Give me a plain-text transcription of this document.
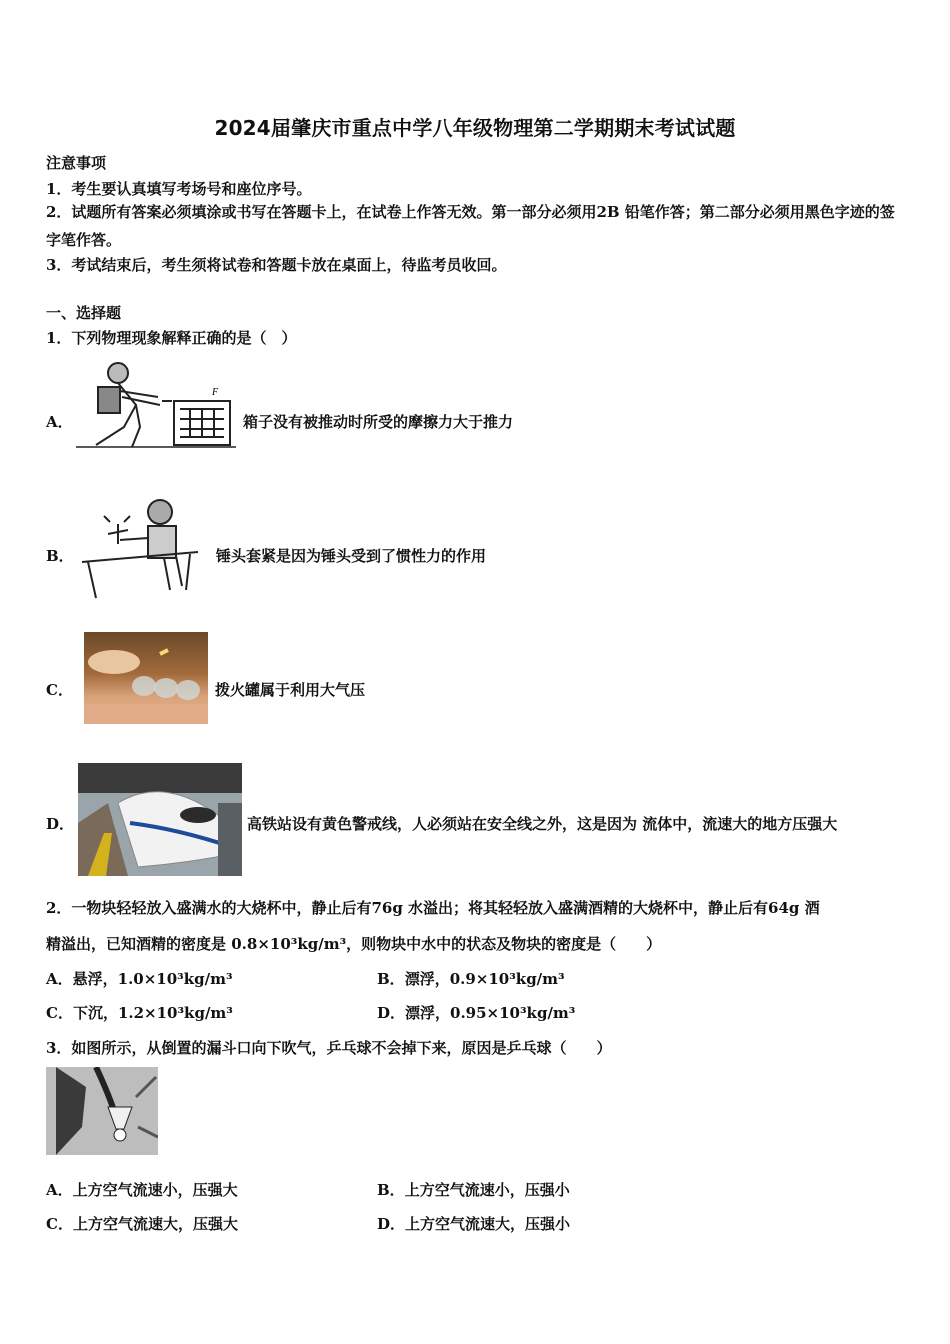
2024届肇庆市重点中学八年级物理第二学期期末考试试题
注意事项
1．考生要认真填写考场号和座位序号。
2．试题所有答案必须填涂或书写在答题卡上，在试卷上作答无效。第一部分必须用2B 铅笔作答；第二部分必须用黑色字迹的签字笔作答。
3．考试结束后，考生须将试卷和答题卡放在桌面上，待监考员收回。
一、选择题
1．下列物理现象解释正确的是（　）
A．
F
箱子没有被推动时所受的摩擦力大于推力
B．	锤头套紧是因为锤头受到了惯性力的作用
C．	拨火罐属于利用大气压
D．	高铁站设有黄色警戒线，人必须站在安全线之外，这是因为 流体中，流速大的地方压强大
2．一物块轻轻放入盛满水的大烧杯中，静止后有76g 水溢出；将其轻轻放入盛满酒精的大烧杯中，静止后有64g 酒
精溢出，已知酒精的密度是 0.8×10³kg/m³，则物块中水中的状态及物块的密度是（　　）
A．悬浮，1.0×10³kg/m³	B．漂浮，0.9×10³kg/m³
C．下沉，1.2×10³kg/m³	D．漂浮，0.95×10³kg/m³
3．如图所示，从倒置的漏斗口向下吹气，乒乓球不会掉下来，原因是乒乓球（　　）
A．上方空气流速小，压强大	B．上方空气流速小，压强小
C．上方空气流速大，压强大	D．上方空气流速大，压强小
